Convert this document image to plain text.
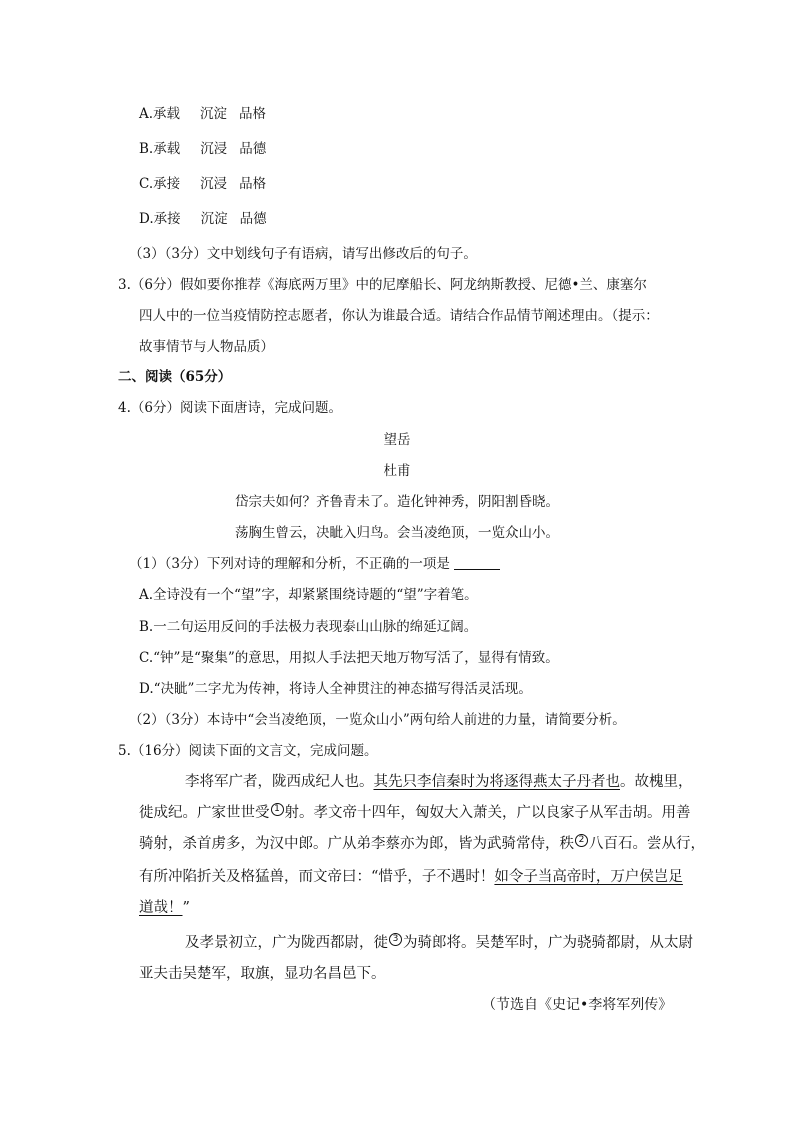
A.承载 沉淀 品格
B.承载 沉浸 品德
C.承接 沉浸 品格
D.承接 沉淀 品德
（3）（3分）文中划线句子有语病，请写出修改后的句子。
3.（6分）假如要你推荐《海底两万里》中的尼摩船长、阿龙纳斯教授、尼德•兰、康塞尔
四人中的一位当疫情防控志愿者，你认为谁最合适。请结合作品情节阐述理由。（提示：
故事情节与人物品质）
二、阅读（65分）
4.（6分）阅读下面唐诗，完成问题。
望岳
杜甫
岱宗夫如何？齐鲁青未了。造化钟神秀，阴阳割昏晓。
荡胸生曾云，决眦入归鸟。会当凌绝顶，一览众山小。
（1）（3分）下列对诗的理解和分析，不正确的一项是
A.全诗没有一个“望”字，却紧紧围绕诗题的“望”字着笔。
B.一二句运用反问的手法极力表现泰山山脉的绵延辽阔。
C.“钟”是“聚集”的意思，用拟人手法把天地万物写活了，显得有情致。
D.“决眦”二字尤为传神，将诗人全神贯注的神态描写得活灵活现。
（2）（3分）本诗中“会当凌绝顶，一览众山小”两句给人前进的力量，请简要分析。
5.（16分）阅读下面的文言文，完成问题。
李将军广者，陇西成纪人也。其先只李信秦时为将逐得燕太子丹者也。故槐里，
徙成纪。广家世世受 1 射。孝文帝十四年，匈奴大入萧关，广以良家子从军击胡。用善
骑射，杀首虏多，为汉中郎。广从弟李蔡亦为郎，皆为武骑常侍，秩 2 八百石。尝从行，
有所冲陷折关及格猛兽，而文帝曰：“惜乎，子不遇时！如令子当高帝时，万户侯岂足
道哉！”
及孝景初立，广为陇西都尉，徙 3 为骑郎将。吴楚军时，广为骁骑都尉，从太尉
亚夫击吴楚军，取旗，显功名昌邑下。
（节选自《史记•李将军列传》
